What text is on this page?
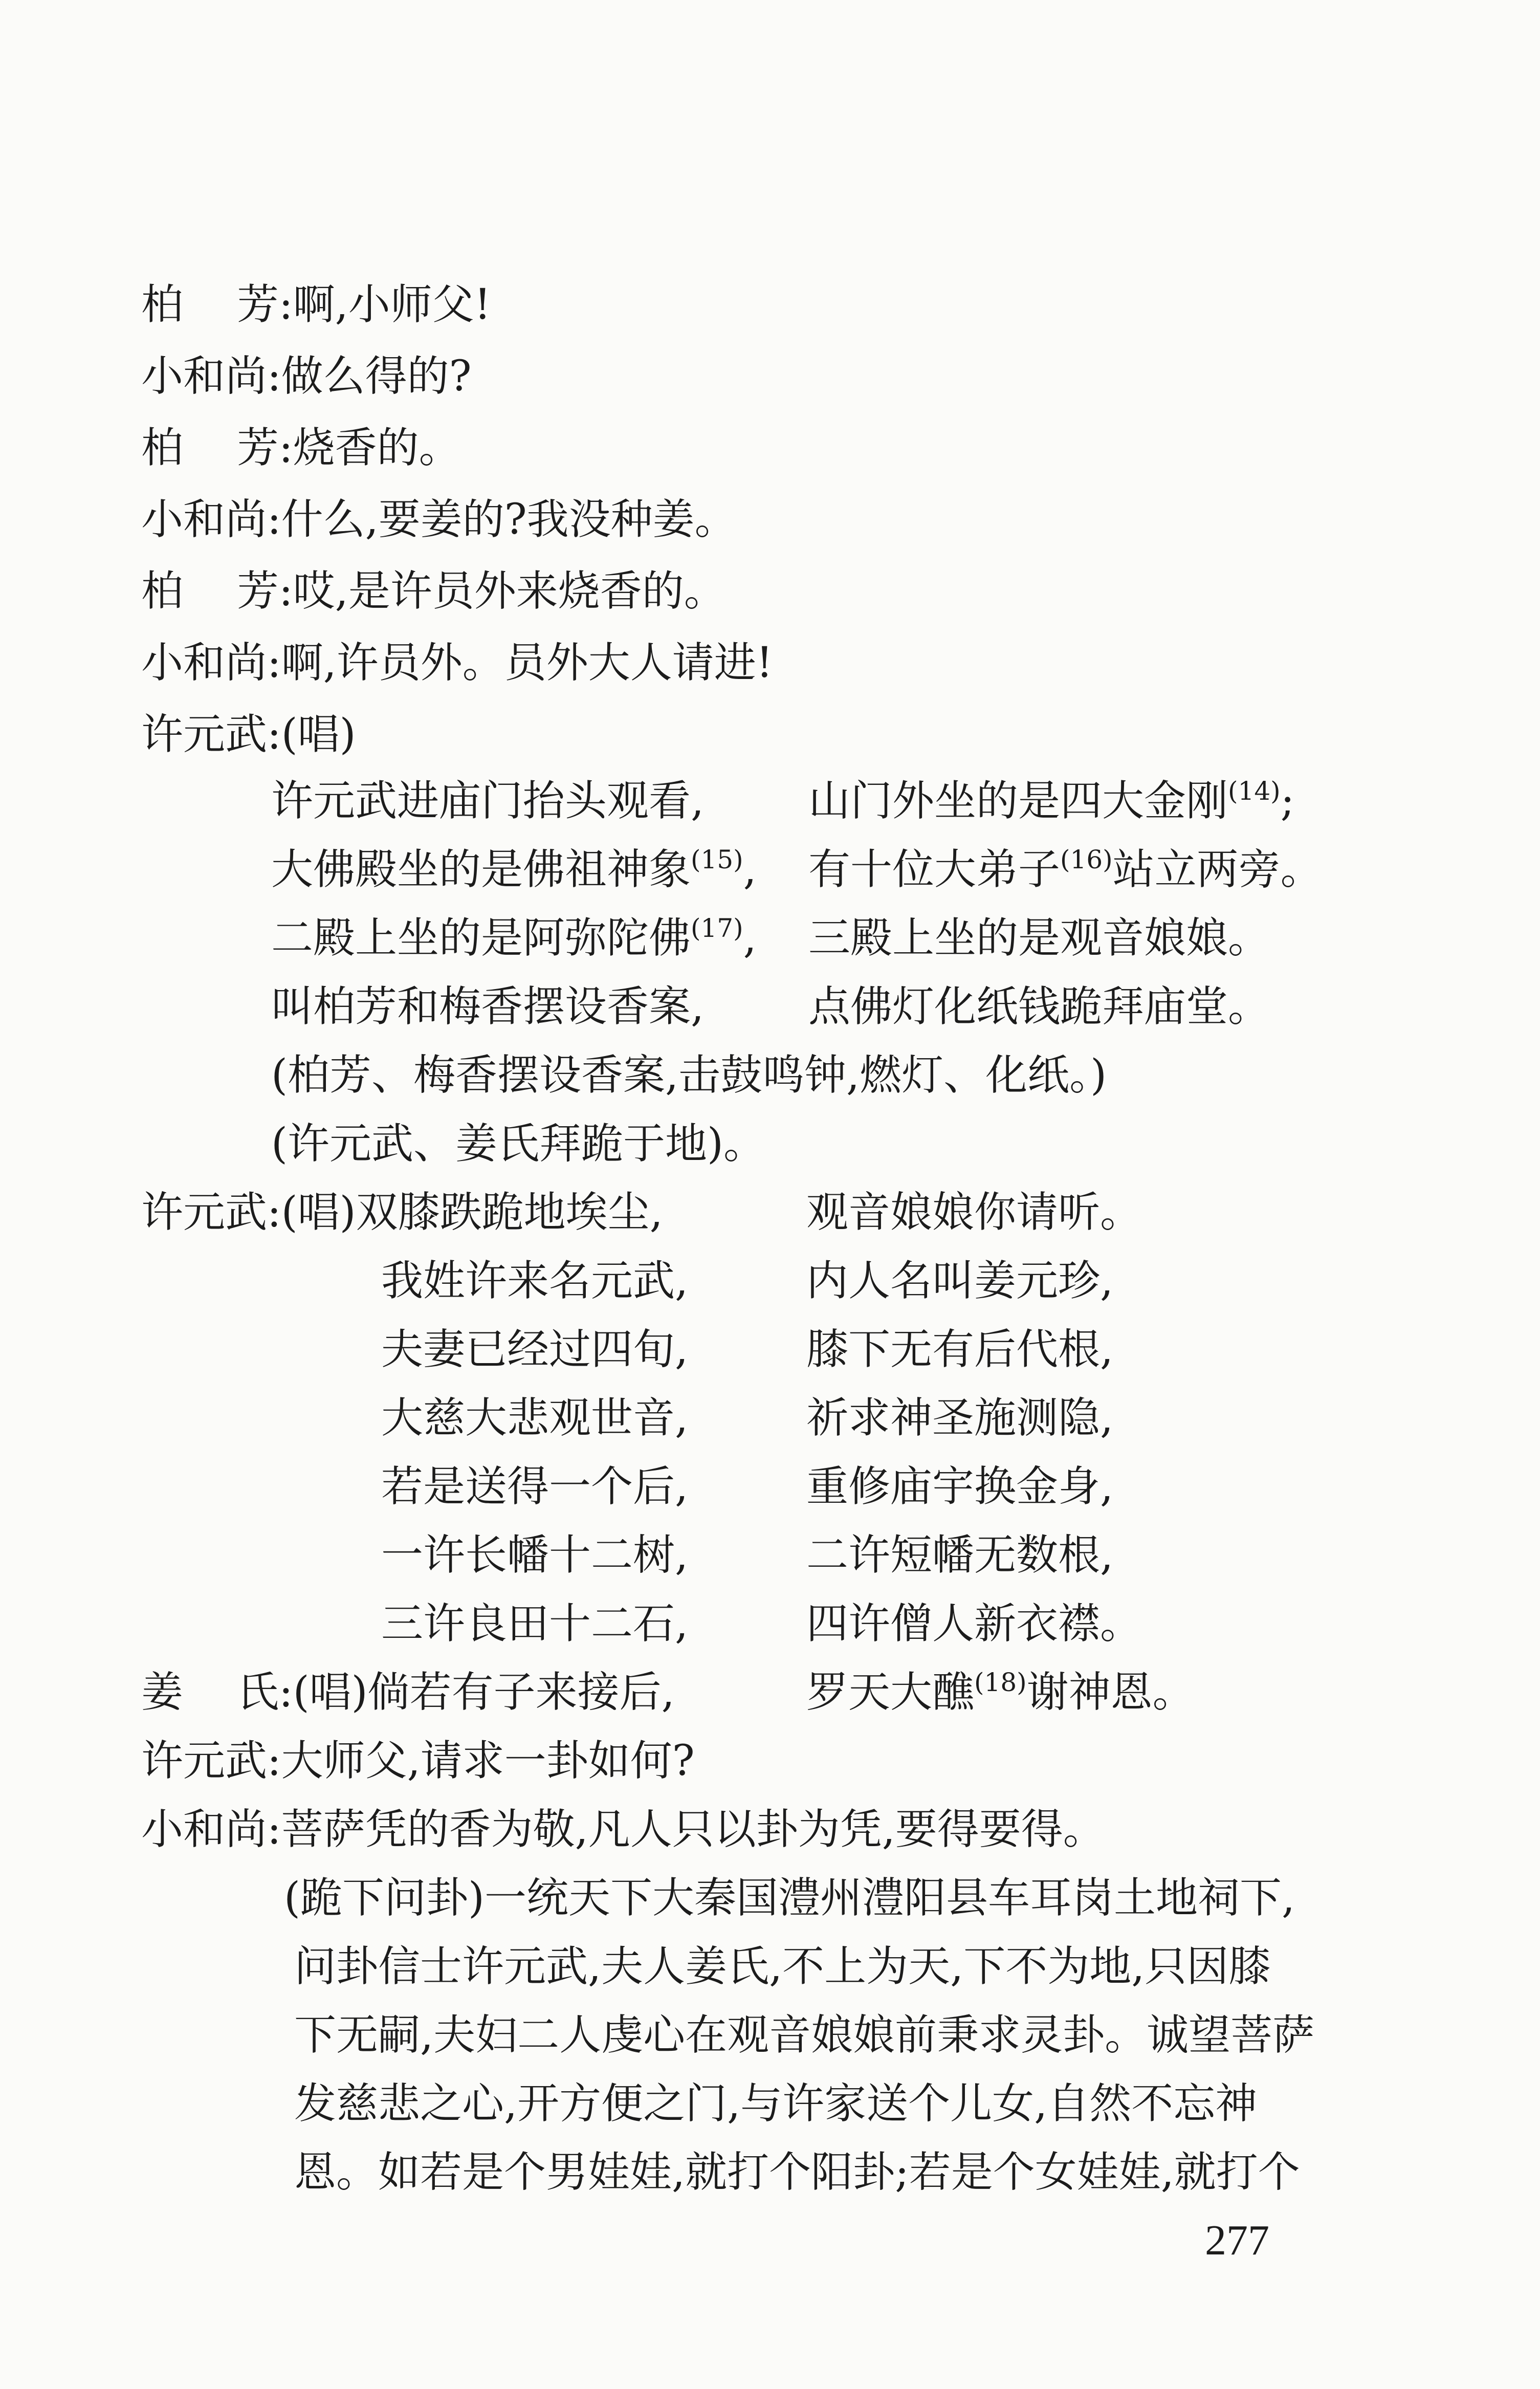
柏芳:啊,小师父!
小和尚:做么得的?
柏芳:烧香的。
小和尚:什么,要姜的?我没种姜。
柏芳:哎,是许员外来烧香的。
小和尚:啊,许员外。员外大人请进!
许元武:(唱)
许元武进庙门抬头观看, 山门外坐的是四大金刚$^{(14)}$;
大佛殿坐的是佛祖神象$^{(15)}$, 有十位大弟子$^{(16)}$站立两旁。
二殿上坐的是阿弥陀佛$^{(17)}$, 三殿上坐的是观音娘娘。
叫柏芳和梅香摆设香案, 点佛灯化纸钱跪拜庙堂。
(柏芳、梅香摆设香案,击鼓鸣钟,燃灯、化纸。)
(许元武、姜氏拜跪于地)。
许元武:(唱)双膝跌跪地埃尘,	观音娘娘你请听。
我姓许来名元武,	内人名叫姜元珍,
夫妻已经过四旬,	膝下无有后代根,
大慈大悲观世音,	祈求神圣施测隐,
若是送得一个后,	重修庙宇换金身,
一许长幡十二树,	二许短幡无数根,
三许良田十二石,	四许僧人新衣襟。
姜氏:(唱)倘若有子来接后,	罗天大醮$^{(18)}$谢神恩。
许元武:大师父,请求一卦如何?
小和尚:菩萨凭的香为敬,凡人只以卦为凭,要得要得。
(跪下问卦)一统天下大秦国澧州澧阳县车耳岗土地祠下,
问卦信士许元武,夫人姜氏,不上为天,下不为地,只因膝
下无嗣,夫妇二人虔心在观音娘娘前秉求灵卦。诚望菩萨
发慈悲之心,开方便之门,与许家送个儿女,自然不忘神
恩。如若是个男娃娃,就打个阳卦;若是个女娃娃,就打个
277
